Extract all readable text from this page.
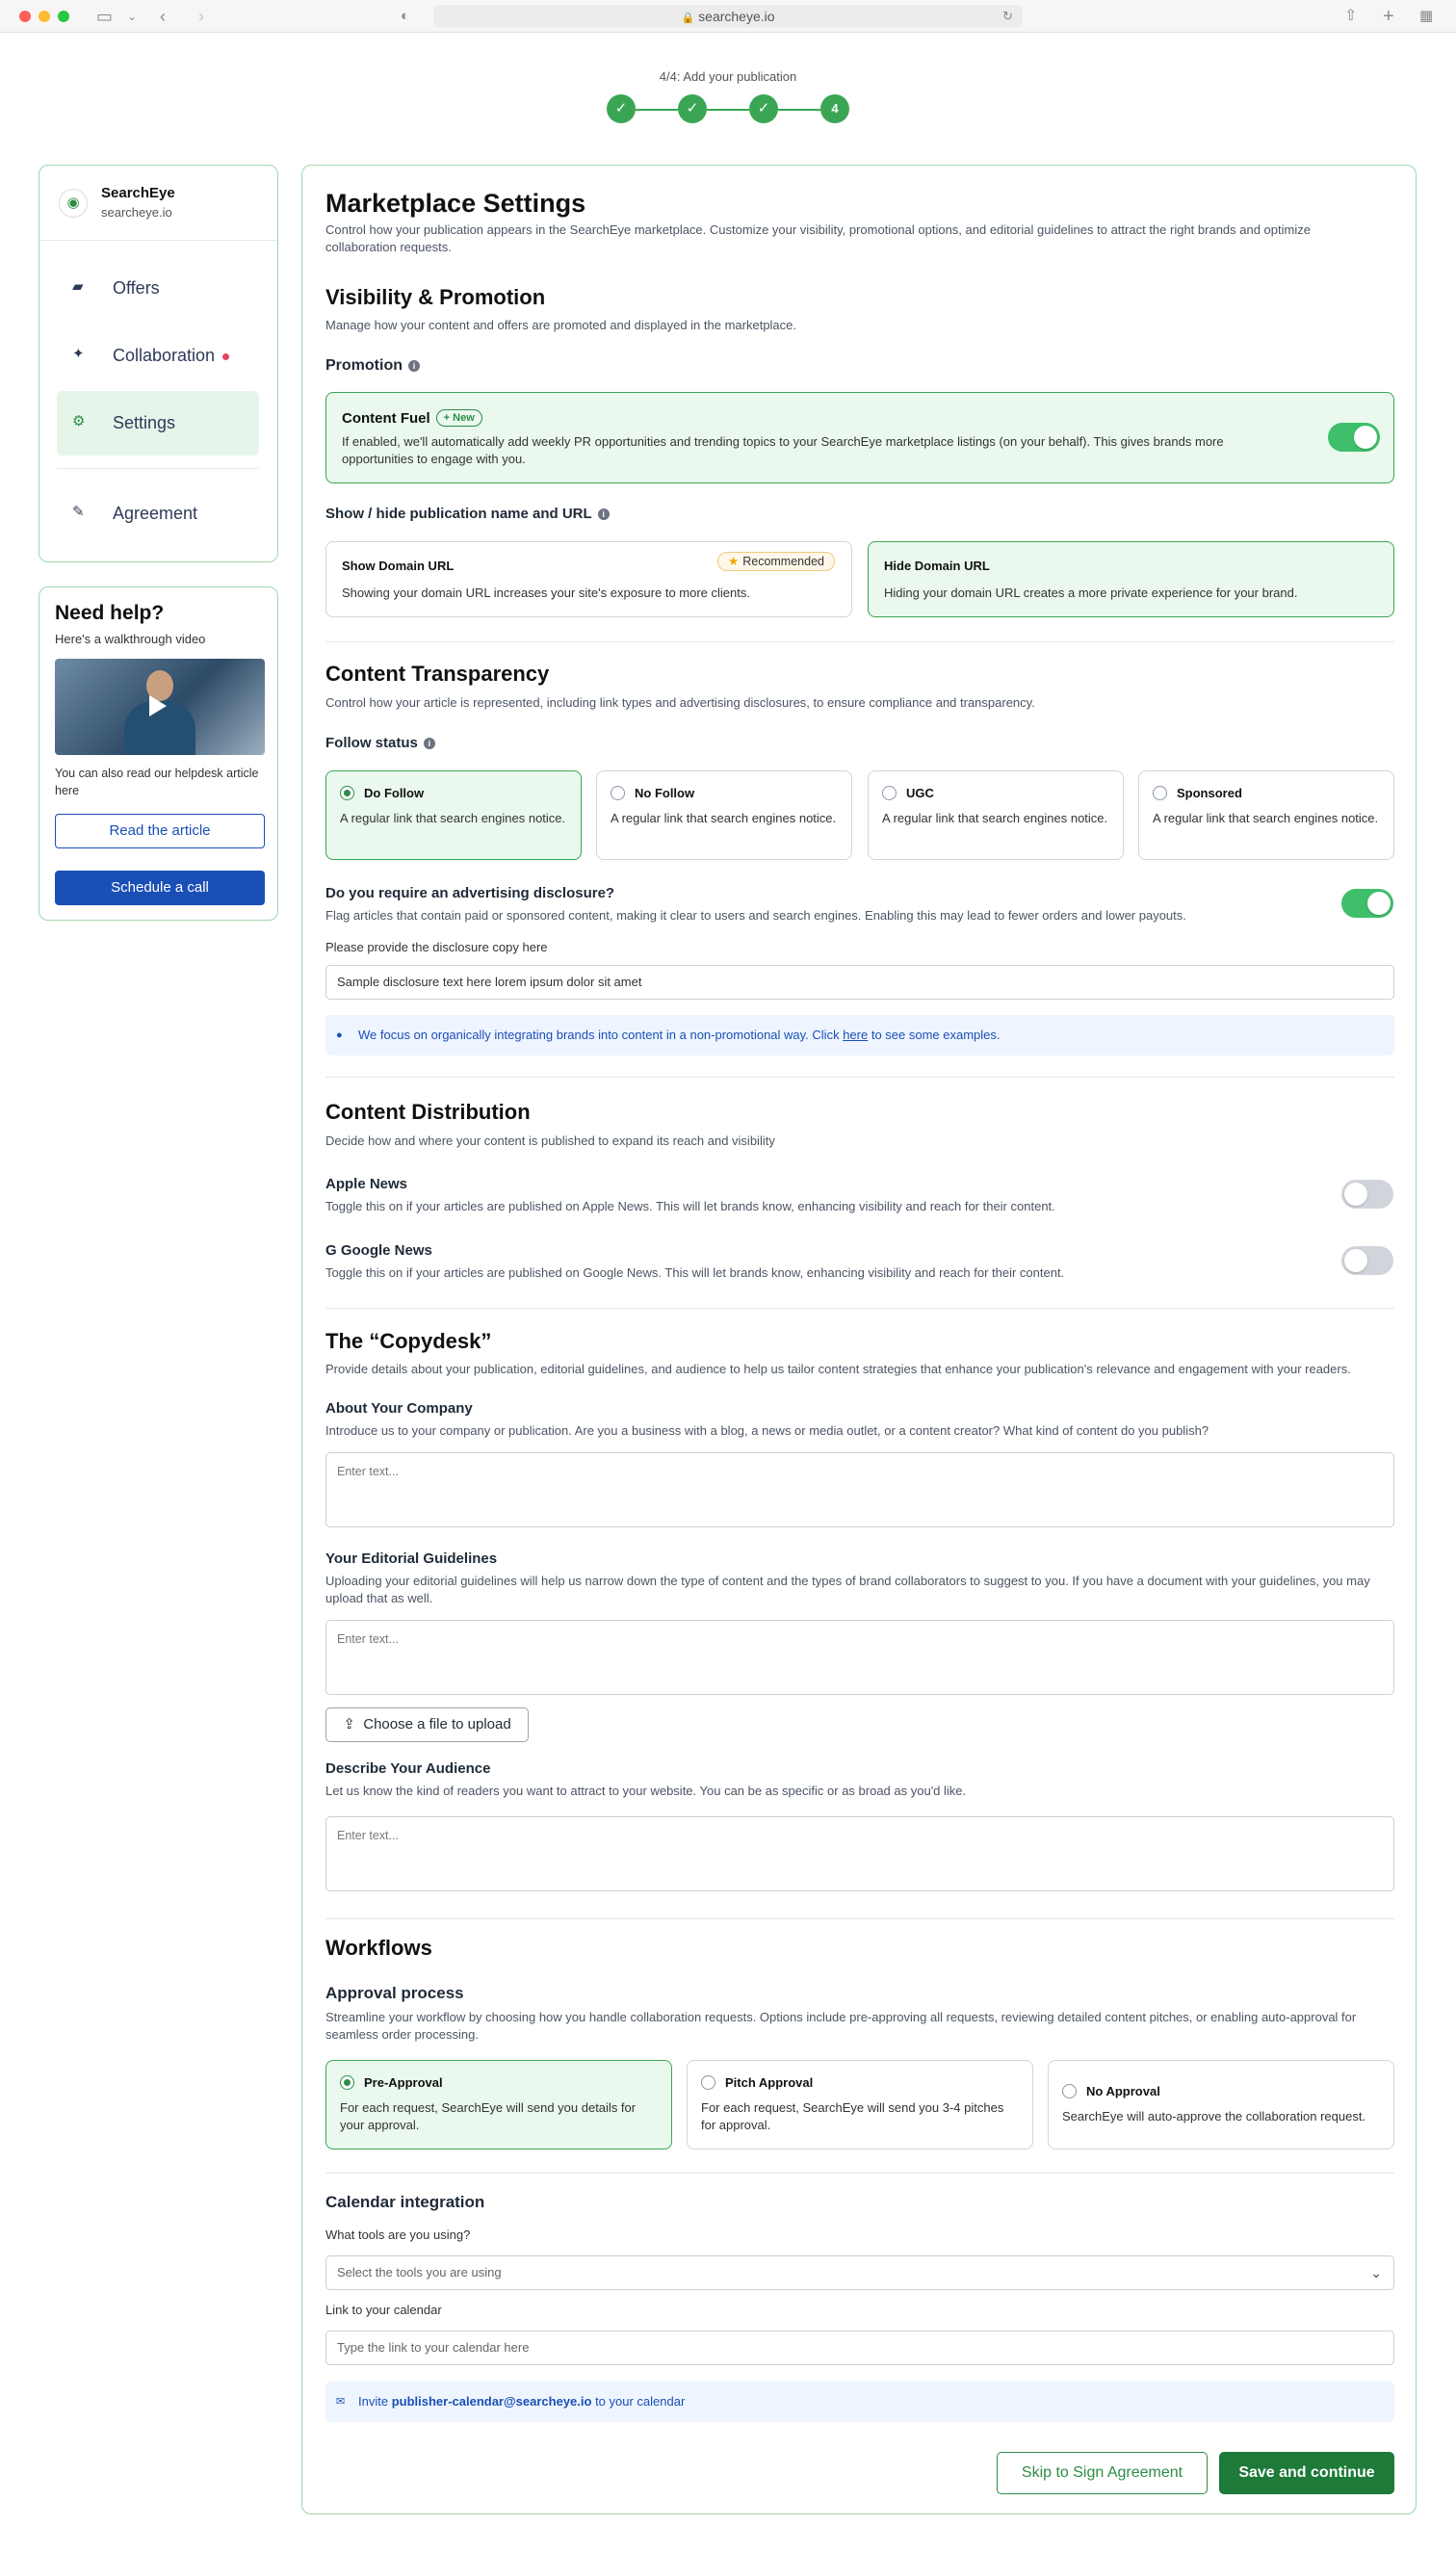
▭ ⌄ ‹ ›	◐	🔒 searcheye.io	↻	⇧ + ▦
4/4: Add your publication
✓	✓	✓	4
◉
SearchEye
searcheye.io
▰ Offers
✦ Collaboration
⚙ Settings
✎ Agreement
Need help?
Here's a walkthrough video
You can also read our helpdesk article here
Read the article
Schedule a call
Marketplace Settings
Control how your publication appears in the SearchEye marketplace. Customize your visibility, promotional options, and editorial guidelines to attract the right brands and optimize collaboration requests.
Visibility & Promotion
Manage how your content and offers are promoted and displayed in the marketplace.
Promotion i
Content Fuel + New
If enabled, we'll automatically add weekly PR opportunities and trending topics to your SearchEye marketplace listings (on your behalf). This gives brands more opportunities to engage with you.
Show / hide publication name and URL i
Show Domain URL	★ Recommended
Showing your domain URL increases your site's exposure to more clients.
Hide Domain URL
Hiding your domain URL creates a more private experience for your brand.
Content Transparency
Control how your article is represented, including link types and advertising disclosures, to ensure compliance and transparency.
Follow status i
Do Follow
A regular link that search engines notice.
No Follow
A regular link that search engines notice.
UGC
A regular link that search engines notice.
Sponsored
A regular link that search engines notice.
Do you require an advertising disclosure?
Flag articles that contain paid or sponsored content, making it clear to users and search engines. Enabling this may lead to fewer orders and lower payouts.
Please provide the disclosure copy here
Sample disclosure text here lorem ipsum dolor sit amet
● We focus on organically integrating brands into content in a non-promotional way. Click here to see some examples.
Content Distribution
Decide how and where your content is published to expand its reach and visibility
Apple News
Toggle this on if your articles are published on Apple News. This will let brands know, enhancing visibility and reach for their content.
G Google News
Toggle this on if your articles are published on Google News. This will let brands know, enhancing visibility and reach for their content.
The “Copydesk”
Provide details about your publication, editorial guidelines, and audience to help us tailor content strategies that enhance your publication's relevance and engagement with your readers.
About Your Company
Introduce us to your company or publication. Are you a business with a blog, a news or media outlet, or a content creator? What kind of content do you publish?
Enter text...
Your Editorial Guidelines
Uploading your editorial guidelines will help us narrow down the type of content and the types of brand collaborators to suggest to you. If you have a document with your guidelines, you may upload that as well.
Enter text...
⇪ Choose a file to upload
Describe Your Audience
Let us know the kind of readers you want to attract to your website. You can be as specific or as broad as you'd like.
Enter text...
Workflows
Approval process
Streamline your workflow by choosing how you handle collaboration requests. Options include pre-approving all requests, reviewing detailed content pitches, or enabling auto-approval for seamless order processing.
Pre-Approval
For each request, SearchEye will send you details for your approval.
Pitch Approval
For each request, SearchEye will send you 3-4 pitches for approval.
No Approval
SearchEye will auto-approve the collaboration request.
Calendar integration
What tools are you using?
Select the tools you are using	⌄
Link to your calendar
Type the link to your calendar here
✉ Invite publisher-calendar@searcheye.io to your calendar
Skip to Sign Agreement	Save and continue
